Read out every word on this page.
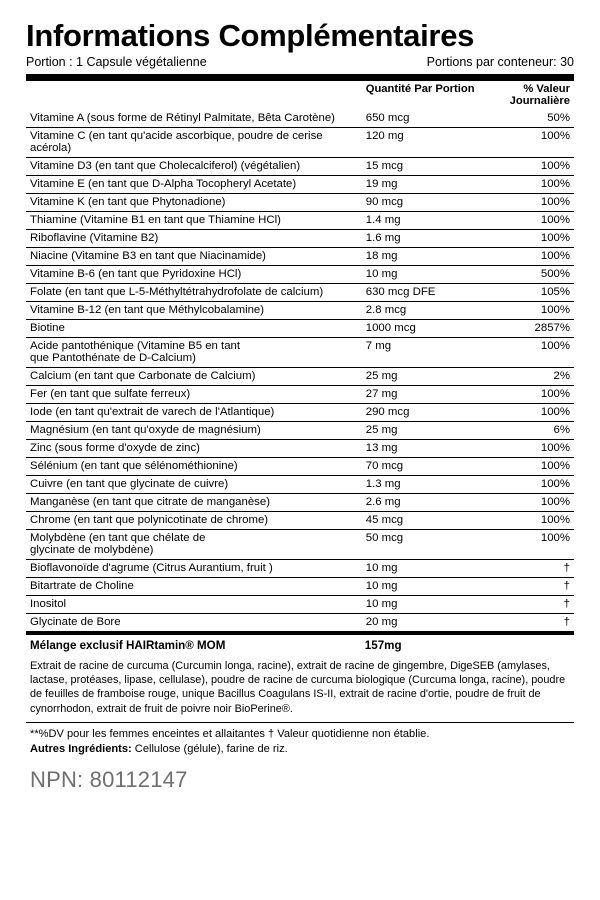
Informations Complémentaires
Portion : 1 Capsule végétalienne	Portions par conteneur: 30
	Quantité Par Portion	% Valeur Journalière
Vitamine A (sous forme de Rétinyl Palmitate, Bêta Carotène)	650 mcg	50%
Vitamine C (en tant qu'acide ascorbique, poudre de cerise acérola)	120 mg	100%
Vitamine D3 (en tant que Cholecalciferol) (végétalien)	15 mcg	100%
Vitamine E (en tant que D-Alpha Tocopheryl Acetate)	19 mg	100%
Vitamine K (en tant que Phytonadione)	90 mcg	100%
Thiamine (Vitamine B1 en tant que Thiamine HCl)	1.4 mg	100%
Riboflavine (Vitamine B2)	1.6 mg	100%
Niacine (Vitamine B3 en tant que Niacinamide)	18 mg	100%
Vitamine B-6 (en tant que Pyridoxine HCl)	10 mg	500%
Folate (en tant que L-5-Méthyltétrahydrofolate de calcium)	630 mcg DFE	105%
Vitamine B-12 (en tant que Méthylcobalamine)	2.8 mcg	100%
Biotine	1000 mcg	2857%
Acide pantothénique (Vitamine B5 en tant
que Pantothénate de D-Calcium)	7 mg	100%
Calcium (en tant que Carbonate de Calcium)	25 mg	2%
Fer (en tant que sulfate ferreux)	27 mg	100%
Iode (en tant qu'extrait de varech de l'Atlantique)	290 mcg	100%
Magnésium (en tant qu'oxyde de magnésium)	25 mg	6%
Zinc (sous forme d'oxyde de zinc)	13 mg	100%
Sélénium (en tant que sélénométhionine)	70 mcg	100%
Cuivre (en tant que glycinate de cuivre)	1.3 mg	100%
Manganèse (en tant que citrate de manganèse)	2.6 mg	100%
Chrome (en tant que polynicotinate de chrome)	45 mcg	100%
Molybdène (en tant que chélate de
glycinate de molybdène)	50 mcg	100%
Bioflavonoïde d'agrume (Citrus Aurantium, fruit )	10 mg	†
Bitartrate de Choline	10 mg	†
Inositol	10 mg	†
Glycinate de Bore	20 mg	†
Mélange exclusif HAIRtamin® MOM	157mg
Extrait de racine de curcuma (Curcumin longa, racine), extrait de racine de gingembre, DigeSEB (amylases, lactase, protéases, lipase, cellulase), poudre de racine de curcuma biologique (Curcuma longa, racine), poudre de feuilles de framboise rouge, unique Bacillus Coagulans IS-II, extrait de racine d'ortie, poudre de fruit de cynorrhodon, extrait de fruit de poivre noir BioPerine®.
**%DV pour les femmes enceintes et allaitantes † Valeur quotidienne non établie.
Autres Ingrédients: Cellulose (gélule), farine de riz.
NPN: 80112147
